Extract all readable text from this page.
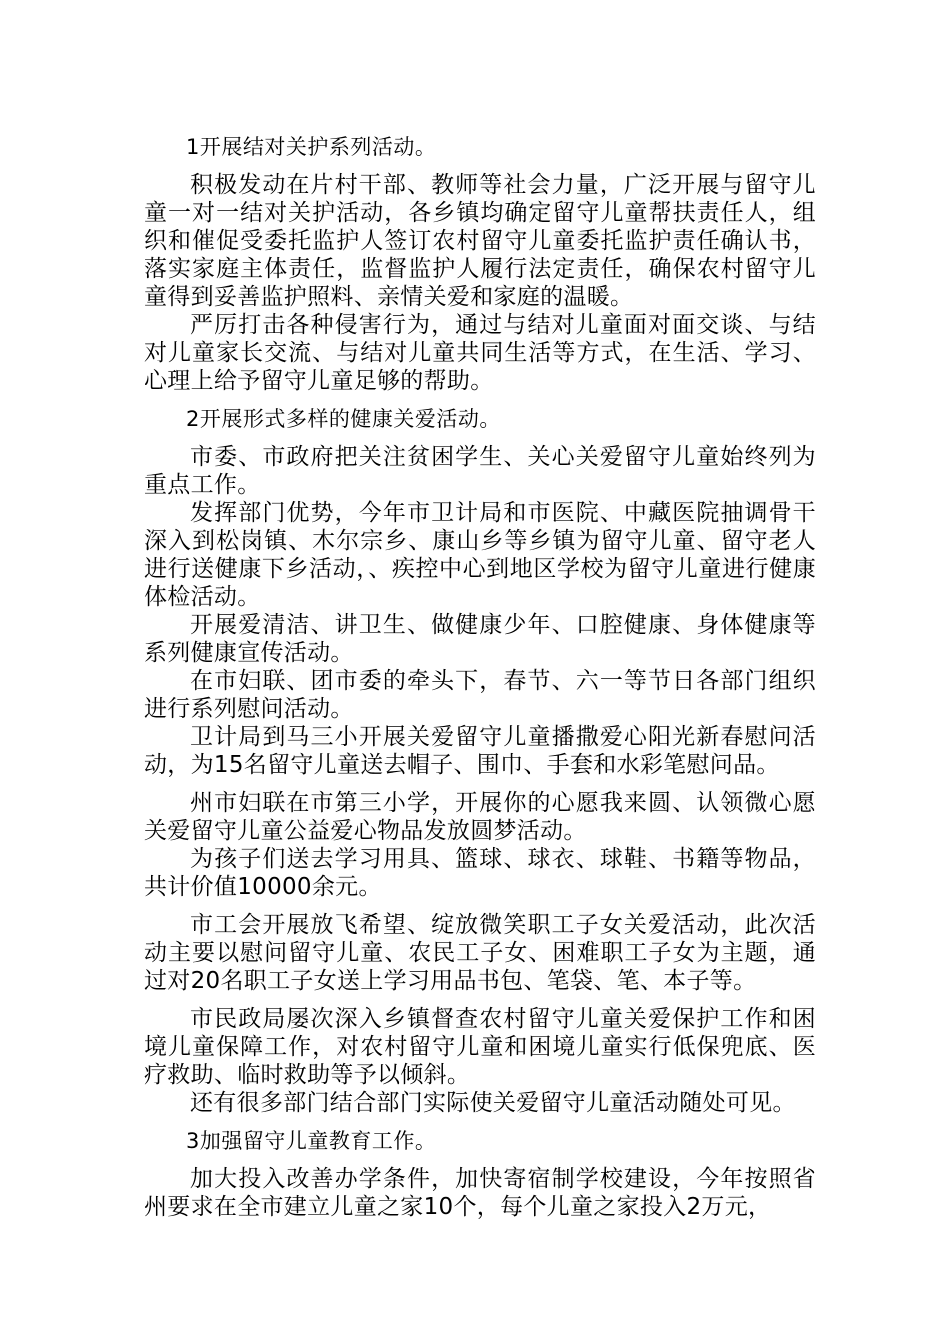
1开展结对关护系列活动。

积极发动在片村干部、教师等社会力量，广泛开展与留守儿童一对一结对关护活动，各乡镇均确定留守儿童帮扶责任人，组织和催促受委托监护人签订农村留守儿童委托监护责任确认书，落实家庭主体责任，监督监护人履行法定责任，确保农村留守儿童得到妥善监护照料、亲情关爱和家庭的温暖。

严厉打击各种侵害行为，通过与结对儿童面对面交谈、与结对儿童家长交流、与结对儿童共同生活等方式，在生活、学习、心理上给予留守儿童足够的帮助。

2开展形式多样的健康关爱活动。

市委、市政府把关注贫困学生、关心关爱留守儿童始终列为重点工作。

发挥部门优势，今年市卫计局和市医院、中藏医院抽调骨干深入到松岗镇、木尔宗乡、康山乡等乡镇为留守儿童、留守老人进行送健康下乡活动，、疾控中心到地区学校为留守儿童进行健康体检活动。

开展爱清洁、讲卫生、做健康少年、口腔健康、身体健康等系列健康宣传活动。

在市妇联、团市委的牵头下，春节、六一等节日各部门组织进行系列慰问活动。

卫计局到马三小开展关爱留守儿童播撒爱心阳光新春慰问活动，为15名留守儿童送去帽子、围巾、手套和水彩笔慰问品。

州市妇联在市第三小学，开展你的心愿我来圆、认领微心愿关爱留守儿童公益爱心物品发放圆梦活动。

为孩子们送去学习用具、篮球、球衣、球鞋、书籍等物品，共计价值10000余元。

市工会开展放飞希望、绽放微笑职工子女关爱活动，此次活动主要以慰问留守儿童、农民工子女、困难职工子女为主题，通过对20名职工子女送上学习用品书包、笔袋、笔、本子等。

市民政局屡次深入乡镇督查农村留守儿童关爱保护工作和困境儿童保障工作，对农村留守儿童和困境儿童实行低保兜底、医疗救助、临时救助等予以倾斜。

还有很多部门结合部门实际使关爱留守儿童活动随处可见。

3加强留守儿童教育工作。

加大投入改善办学条件，加快寄宿制学校建设，今年按照省州要求在全市建立儿童之家10个，每个儿童之家投入2万元，
